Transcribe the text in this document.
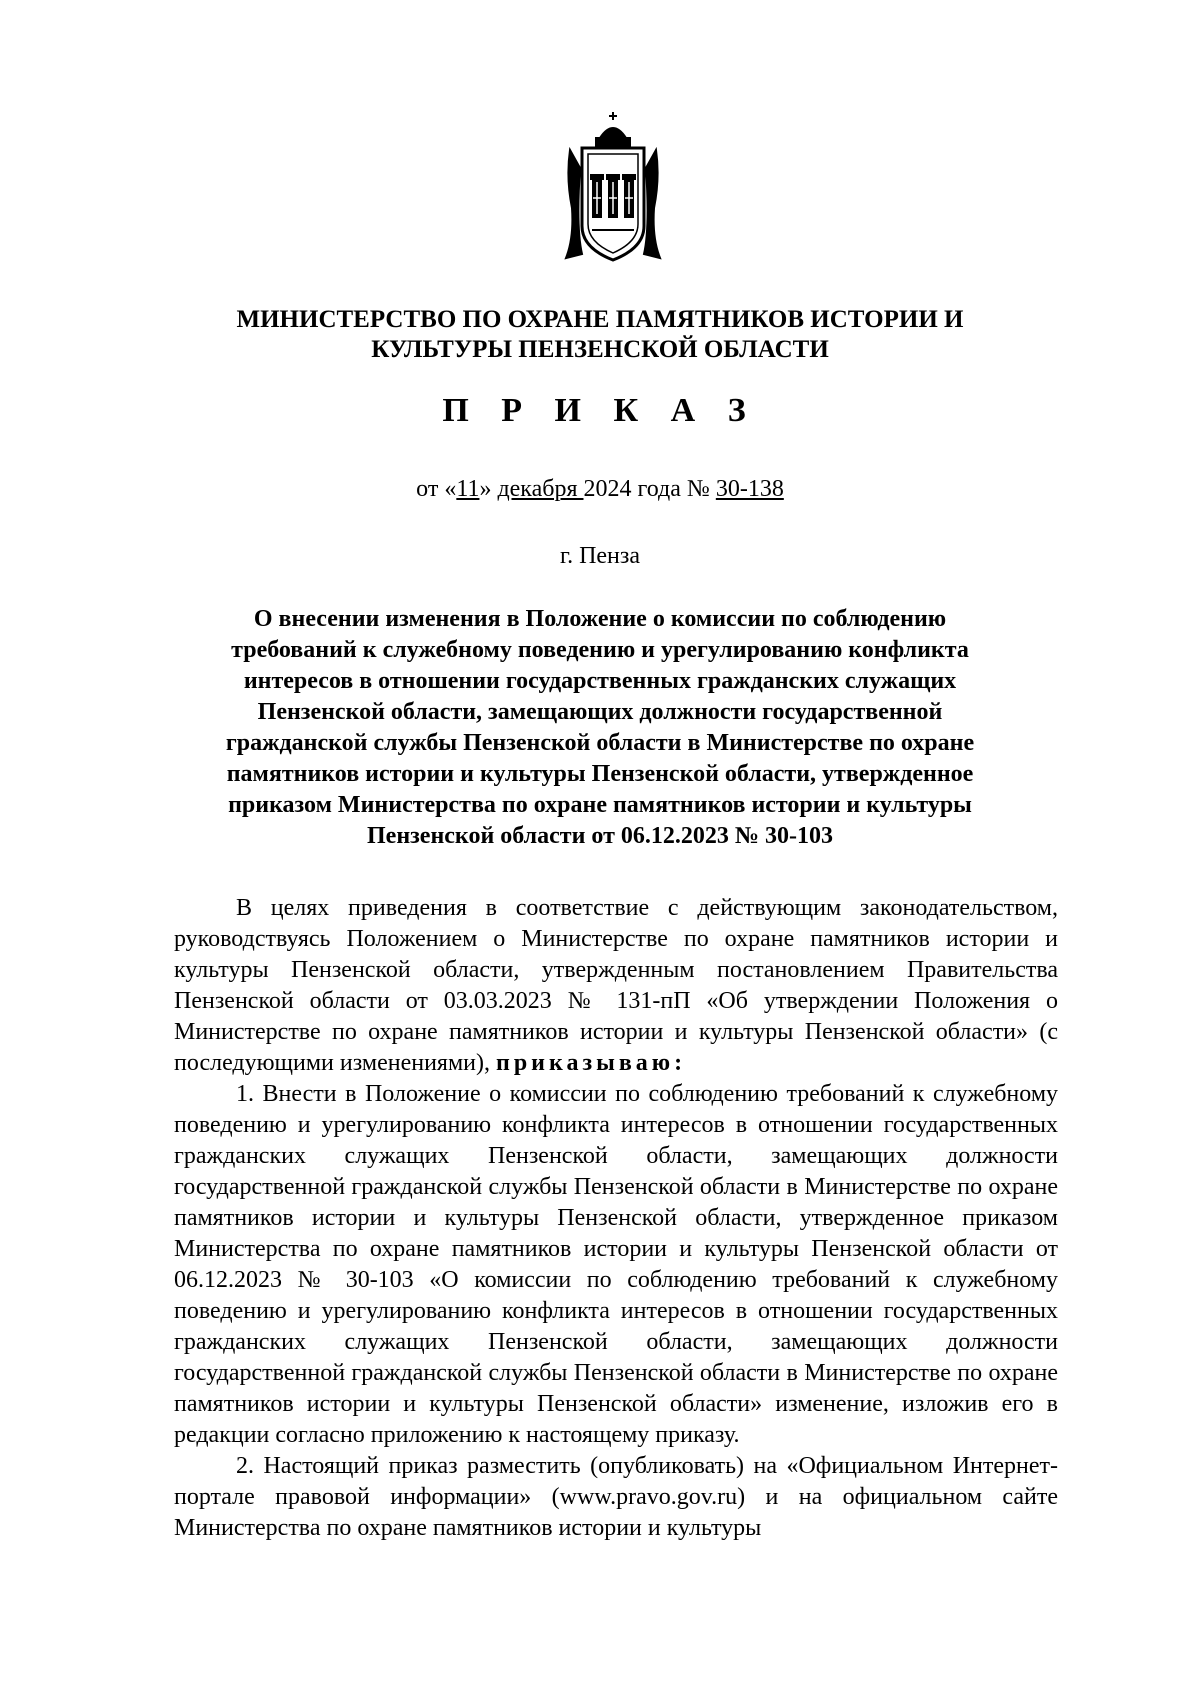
МИНИСТЕРСТВО ПО ОХРАНЕ ПАМЯТНИКОВ ИСТОРИИ И
КУЛЬТУРЫ ПЕНЗЕНСКОЙ ОБЛАСТИ
П Р И К А З
от «11» декабря 2024 года № 30-138
г. Пенза
О внесении изменения в Положение о комиссии по соблюдению
требований к служебному поведению и урегулированию конфликта
интересов в отношении государственных гражданских служащих
Пензенской области, замещающих должности государственной
гражданской службы Пензенской области в Министерстве по охране
памятников истории и культуры Пензенской области, утвержденное
приказом Министерства по охране памятников истории и культуры
Пензенской области от 06.12.2023 № 30-103

В целях приведения в соответствие с действующим законодательством, руководствуясь Положением о Министерстве по охране памятников истории и культуры Пензенской области, утвержденным постановлением Правительства Пензенской области от 03.03.2023 № 131-пП «Об утверждении Положения о Министерстве по охране памятников истории и культуры Пензенской области» (с последующими изменениями), приказываю:

1. Внести в Положение о комиссии по соблюдению требований к служебному поведению и урегулированию конфликта интересов в отношении государственных гражданских служащих Пензенской области, замещающих должности государственной гражданской службы Пензенской области в Министерстве по охране памятников истории и культуры Пензенской области, утвержденное приказом Министерства по охране памятников истории и культуры Пензенской области от 06.12.2023 № 30-103 «О комиссии по соблюдению требований к служебному поведению и урегулированию конфликта интересов в отношении государственных гражданских служащих Пензенской области, замещающих должности государственной гражданской службы Пензенской области в Министерстве по охране памятников истории и культуры Пензенской области» изменение, изложив его в редакции согласно приложению к настоящему приказу.

2. Настоящий приказ разместить (опубликовать) на «Официальном Интернет-портале правовой информации» (www.pravo.gov.ru) и на официальном сайте Министерства по охране памятников истории и культуры
